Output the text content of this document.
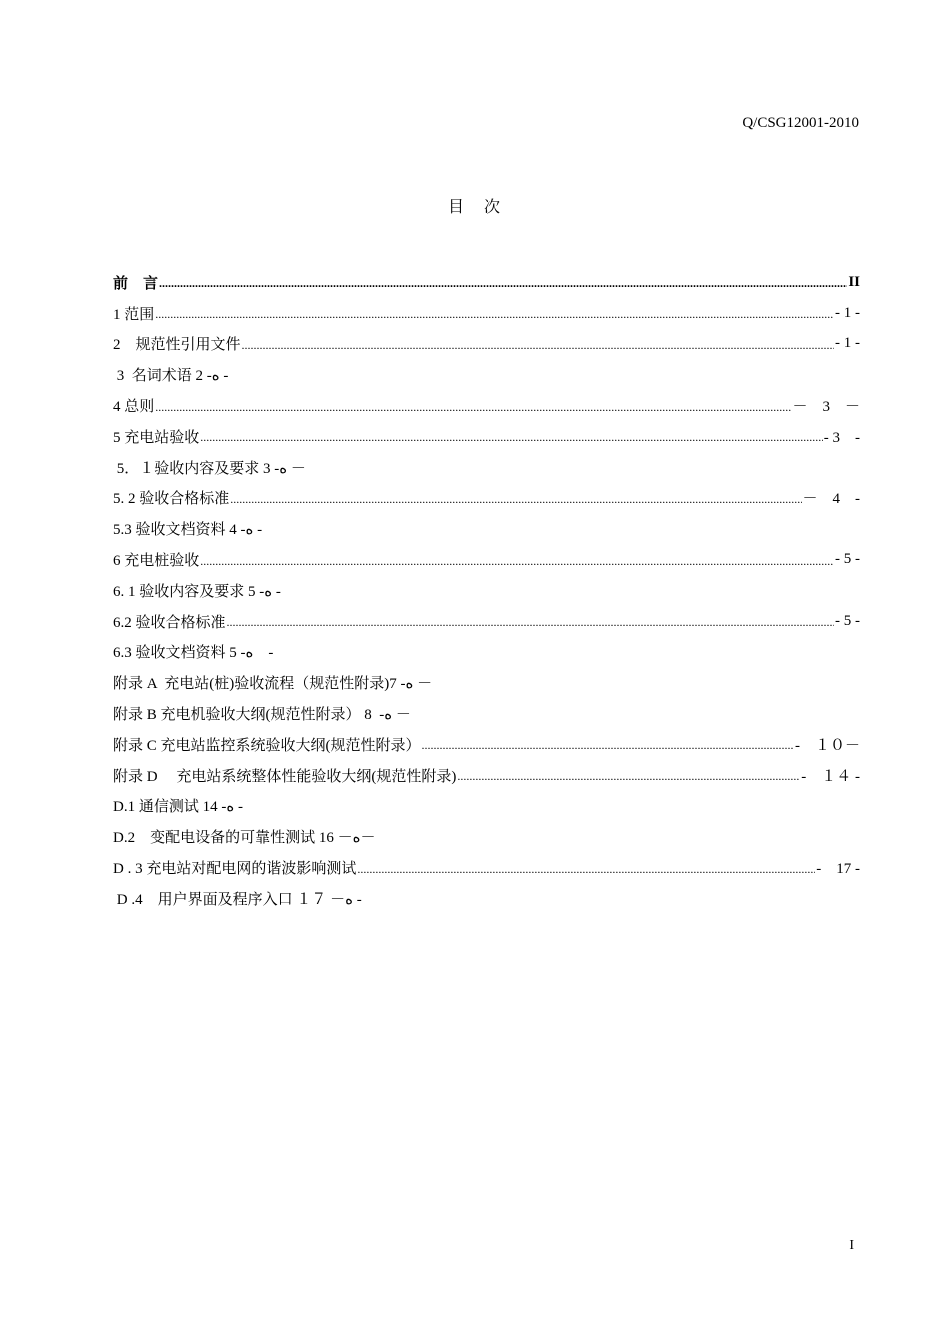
Q/CSG12001-2010
目　次
前　言 .....	II
1 范围 .....	- 1 -
2　规范性引用文件 .....	- 1 -
3  名词术语 2 -ە -
4 总则 .....	－　3　－
5 充电站验收 .....	- 3　-
5．１验收内容及要求 3 -ە －
5. 2 验收合格标准 .....	－　4　-
5.3 验收文档资料 4 -ە -
6 充电桩验收 .....	- 5 -
6. 1 验收内容及要求 5 -ە -
6.2 验收合格标准 .....	- 5 -
6.3 验收文档资料 5 -ە　-
附录 A  充电站(桩)验收流程（规范性附录)7 -ە －
附录 B 充电机验收大纲(规范性附录） 8  -ە －
附录 C 充电站监控系统验收大纲(规范性附录） .....	-　１０－
附录 D　 充电站系统整体性能验收大纲(规范性附录) .....	-　１４ -
D.1 通信测试 14 -ە -
D.2　变配电设备的可靠性测试 16 －ە－
D . 3 充电站对配电网的谐波影响测试 .....	-　17 -
D .4　用户界面及程序入口 １７ －ە -
I
